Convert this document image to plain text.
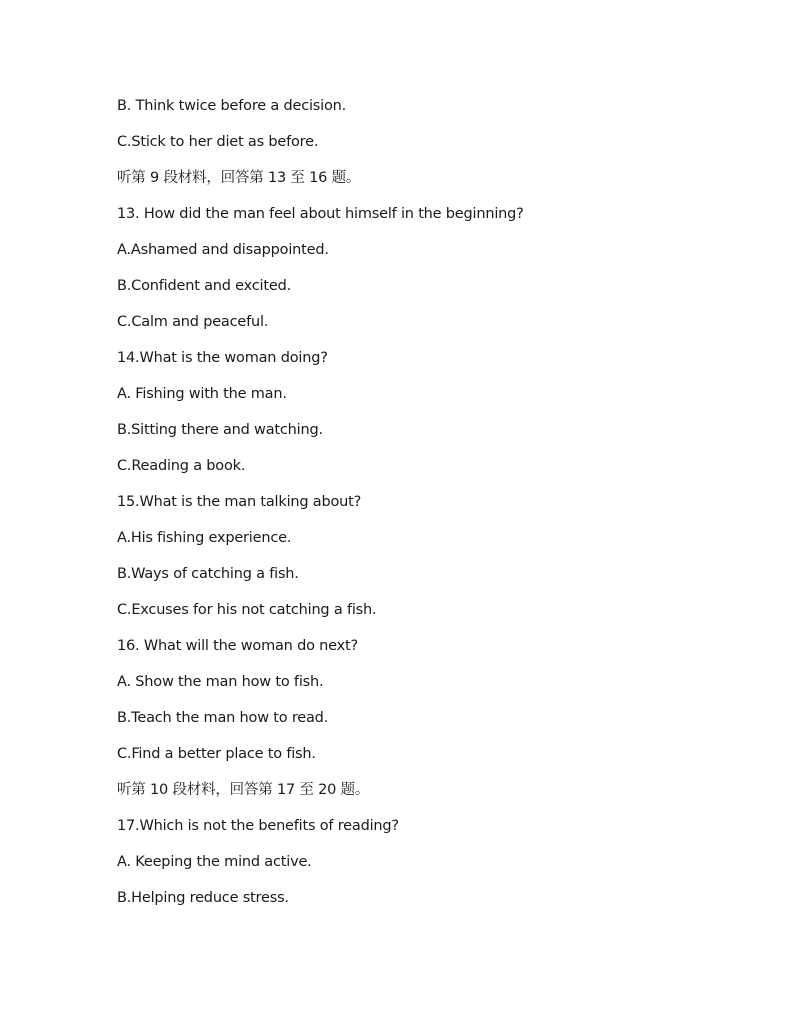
B. Think twice before a decision.
C.Stick to her diet as before.
听第 9 段材料，回答第 13 至 16 题。
13. How did the man feel about himself in the beginning?
A.Ashamed and disappointed.
B.Confident and excited.
C.Calm and peaceful.
14.What is the woman doing?
A. Fishing with the man.
B.Sitting there and watching.
C.Reading a book.
15.What is the man talking about?
A.His fishing experience.
B.Ways of catching a fish.
C.Excuses for his not catching a fish.
16. What will the woman do next?
A. Show the man how to fish.
B.Teach the man how to read.
C.Find a better place to fish.
听第 10 段材料，回答第 17 至 20 题。
17.Which is not the benefits of reading?
A. Keeping the mind active.
B.Helping reduce stress.
